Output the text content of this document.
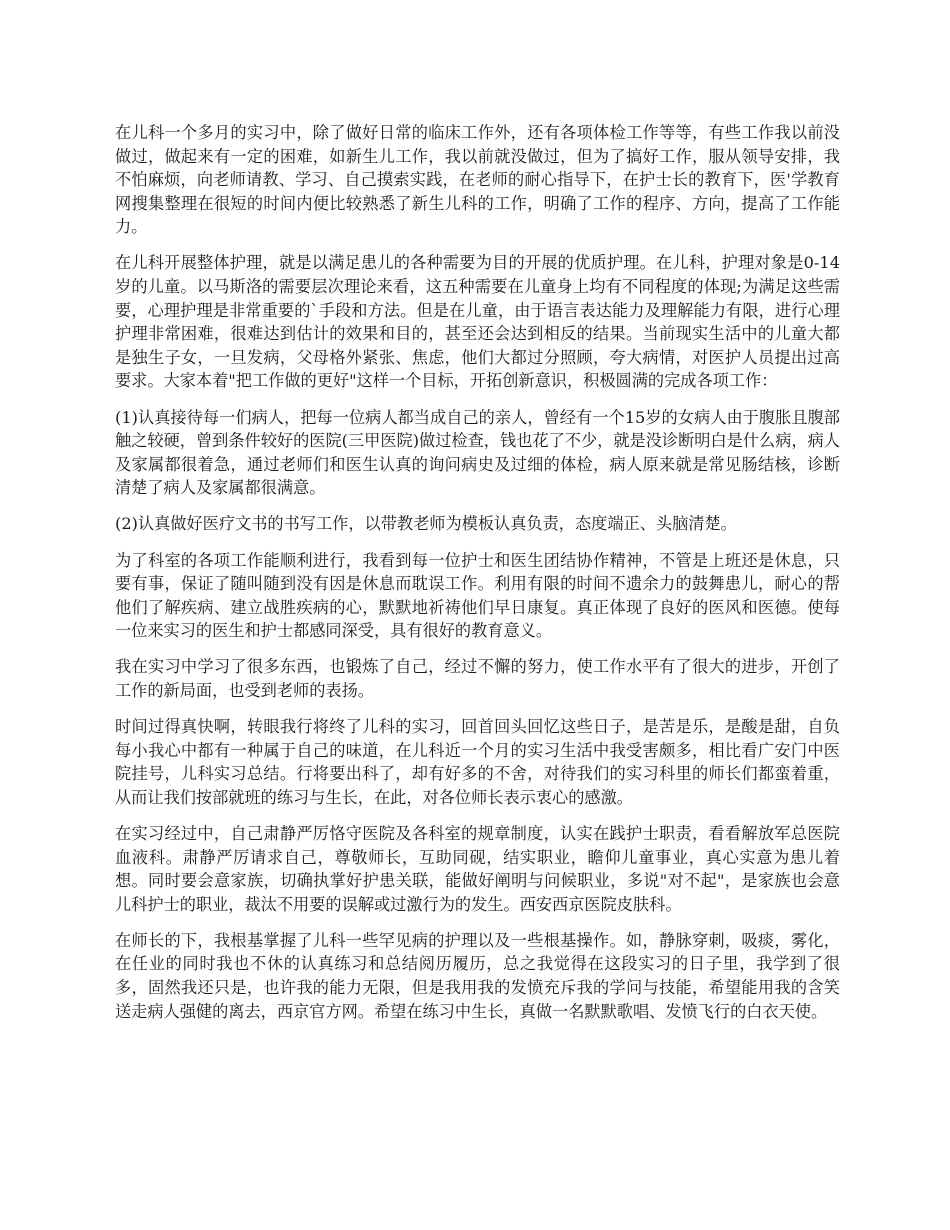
在儿科一个多月的实习中，除了做好日常的临床工作外，还有各项体检工作等等，有些工作我以前没做过，做起来有一定的困难，如新生儿工作，我以前就没做过，但为了搞好工作，服从领导安排，我不怕麻烦，向老师请教、学习、自己摸索实践，在老师的耐心指导下，在护士长的教育下，医'学教育网搜集整理在很短的时间内便比较熟悉了新生儿科的工作，明确了工作的程序、方向，提高了工作能力。

在儿科开展整体护理，就是以满足患儿的各种需要为目的开展的优质护理。在儿科，护理对象是0-14岁的儿童。以马斯洛的需要层次理论来看，这五种需要在儿童身上均有不同程度的体现;为满足这些需要，心理护理是非常重要的`手段和方法。但是在儿童，由于语言表达能力及理解能力有限，进行心理护理非常困难，很难达到估计的效果和目的，甚至还会达到相反的结果。当前现实生活中的儿童大都是独生子女，一旦发病，父母格外紧张、焦虑，他们大都过分照顾，夸大病情，对医护人员提出过高要求。大家本着"把工作做的更好"这样一个目标，开拓创新意识，积极圆满的完成各项工作：

(1)认真接待每一们病人，把每一位病人都当成自己的亲人，曾经有一个15岁的女病人由于腹胀且腹部触之较硬，曾到条件较好的医院(三甲医院)做过检查，钱也花了不少，就是没诊断明白是什么病，病人及家属都很着急，通过老师们和医生认真的询问病史及过细的体检，病人原来就是常见肠结核，诊断清楚了病人及家属都很满意。

(2)认真做好医疗文书的书写工作，以带教老师为模板认真负责，态度端正、头脑清楚。

为了科室的各项工作能顺利进行，我看到每一位护士和医生团结协作精神，不管是上班还是休息，只要有事，保证了随叫随到没有因是休息而耽误工作。利用有限的时间不遗余力的鼓舞患儿，耐心的帮他们了解疾病、建立战胜疾病的心，默默地祈祷他们早日康复。真正体现了良好的医风和医德。使每一位来实习的医生和护士都感同深受，具有很好的教育意义。

我在实习中学习了很多东西，也锻炼了自己，经过不懈的努力，使工作水平有了很大的进步，开创了工作的新局面，也受到老师的表扬。

时间过得真快啊，转眼我行将终了儿科的实习，回首回头回忆这些日子，是苦是乐，是酸是甜，自负每小我心中都有一种属于自己的味道，在儿科近一个月的实习生活中我受害颇多，相比看广安门中医院挂号，儿科实习总结。行将要出科了，却有好多的不舍，对待我们的实习科里的师长们都蛮着重，从而让我们按部就班的练习与生长，在此，对各位师长表示衷心的感激。

在实习经过中，自己肃静严厉恪守医院及各科室的规章制度，认实在践护士职责，看看解放军总医院血液科。肃静严厉请求自己，尊敬师长，互助同砚，结实职业，瞻仰儿童事业，真心实意为患儿着想。同时要会意家族，切确执掌好护患关联，能做好阐明与问候职业，多说"对不起"，是家族也会意儿科护士的职业，裁汰不用要的误解或过激行为的发生。西安西京医院皮肤科。

在师长的下，我根基掌握了儿科一些罕见病的护理以及一些根基操作。如，静脉穿刺，吸痰，雾化，在任业的同时我也不休的认真练习和总结阅历履历，总之我觉得在这段实习的日子里，我学到了很多，固然我还只是，也许我的能力无限，但是我用我的发愤充斥我的学问与技能，希望能用我的含笑送走病人强健的离去，西京官方网。希望在练习中生长，真做一名默默歌唱、发愤飞行的白衣天使。
